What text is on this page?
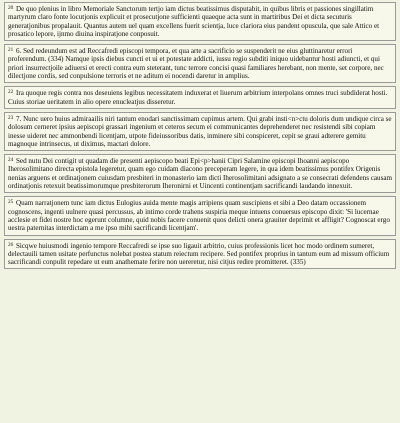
$^{20}$ De quo plenius in libro Memoriale Sanctorum tertjo iam dictus beatissimus disputabit, in quibus libris et passiones singillatim martyrum claro fonte locutjonis explicuit et prosecutjone sufficienti quaeque acta sunt in martiribus Dei et dicta secuturis generatjonibus propalauit. Quantus autem uel quam excellens fuerit scientja, luce clariora eius pandent opuscula, que sale Attico et prosatico lepore, ijnmo diuina inspiratjone conposuit.
$^{21}$ 6. Sed redeundum est ad Reccafredi episcopi tempora, et qua arte a sacrificio se suspenderit ne eius gluttinaretur errori proferendum. (334) Namque ipsis diebus cuncti et ui et potestate addicti, iussu regio subditi iniquo uidebantur hosti adiuncti, et qui priori insurrectjoile adiuersi et erecti contra eum steterant, tunc terrore concisi quasi familiares herebant, non mente, set corpore, nec dilectjone cordis, sed conpulsione terroris et ne aditum ei nocendi daretur in amplius.
$^{22}$ Ira quoque regis contra nos deseuiens legibus necessitatem induxerat et liuerum arbitrium interpolans omnes truci subdiderat hosti. Cuius storiae ueritatem in alio opere enucleatjus disseretur.
$^{23}$ 7. Nunc uero huius admiraailis niri tantum enodari sanctissimam cupimus artem. Qui grabi insti<n>ctu doloris dum undique circa se dolosum cerneret ipsius aepiscopi grassari ingenium et ceteros secum ei communicantes deprehenderet nec resistendi sibi copiam inesse uideret nec ammonbendi licentjam, utpote fideiussoribus datis, inminere sibi conspiceret, cepit se graui adterere gemitu magnoque intrinsecus, ut diximus, mactari dolore.
$^{24}$ Sed nutu Dei contigit ut quadam die presenti aepiscopo beati Epi<p>hanii Cipri Salamine episcopi Ihoanni aepiscopo Iherosolimitano directa epistola legeretur, quam ego cuidam diacono preceperam legere, in qua idem beatissimus pontifex Origenis nenias arguens et ordinatjonem cuiusdam presbiteri in monasterio iam dicti Iherosolimitani adsignato a se consecrati defendens causam ordinatjonis retexuit beatissimorumque presbiterorum Iheronirni et Uincenti continentjam sacrificandi laudando innexuit.
$^{25}$ Quam narratjonem tunc iam dictus Eulogius auida mente magis arripiens quam suscipiens et sibi a Deo datam occassionem cognoscens, ingenti uulnere quasi percussus, ab intimo corde trahens suspiria meque intuens conuersus episcopo dixit: 'Si lucernae acclesie et fidei nostre hoc egerunt columne, quid nobis facere conuenit quos delicti onera grauiter deprimit et affligit? Cognoscat ergo uestra paternitas interdictam a me ipso mihi sacrificandi licentjam'.
$^{26}$ Sicqwe huiusmodi ingenio tempore Reccafredi se ipse suo ligauit arbitrio, cuius professionis licet hoc modo ordinem sumeret, delectauili tamen usitate perfunctus nolebat postea statum reiectum recipere. Sed pontifex proprius in tantum eum ad missum officium sacrificandi conpulit repedare ut eum anathemate ferire non uereretur, nisi citjus redire promitteret. (335)
